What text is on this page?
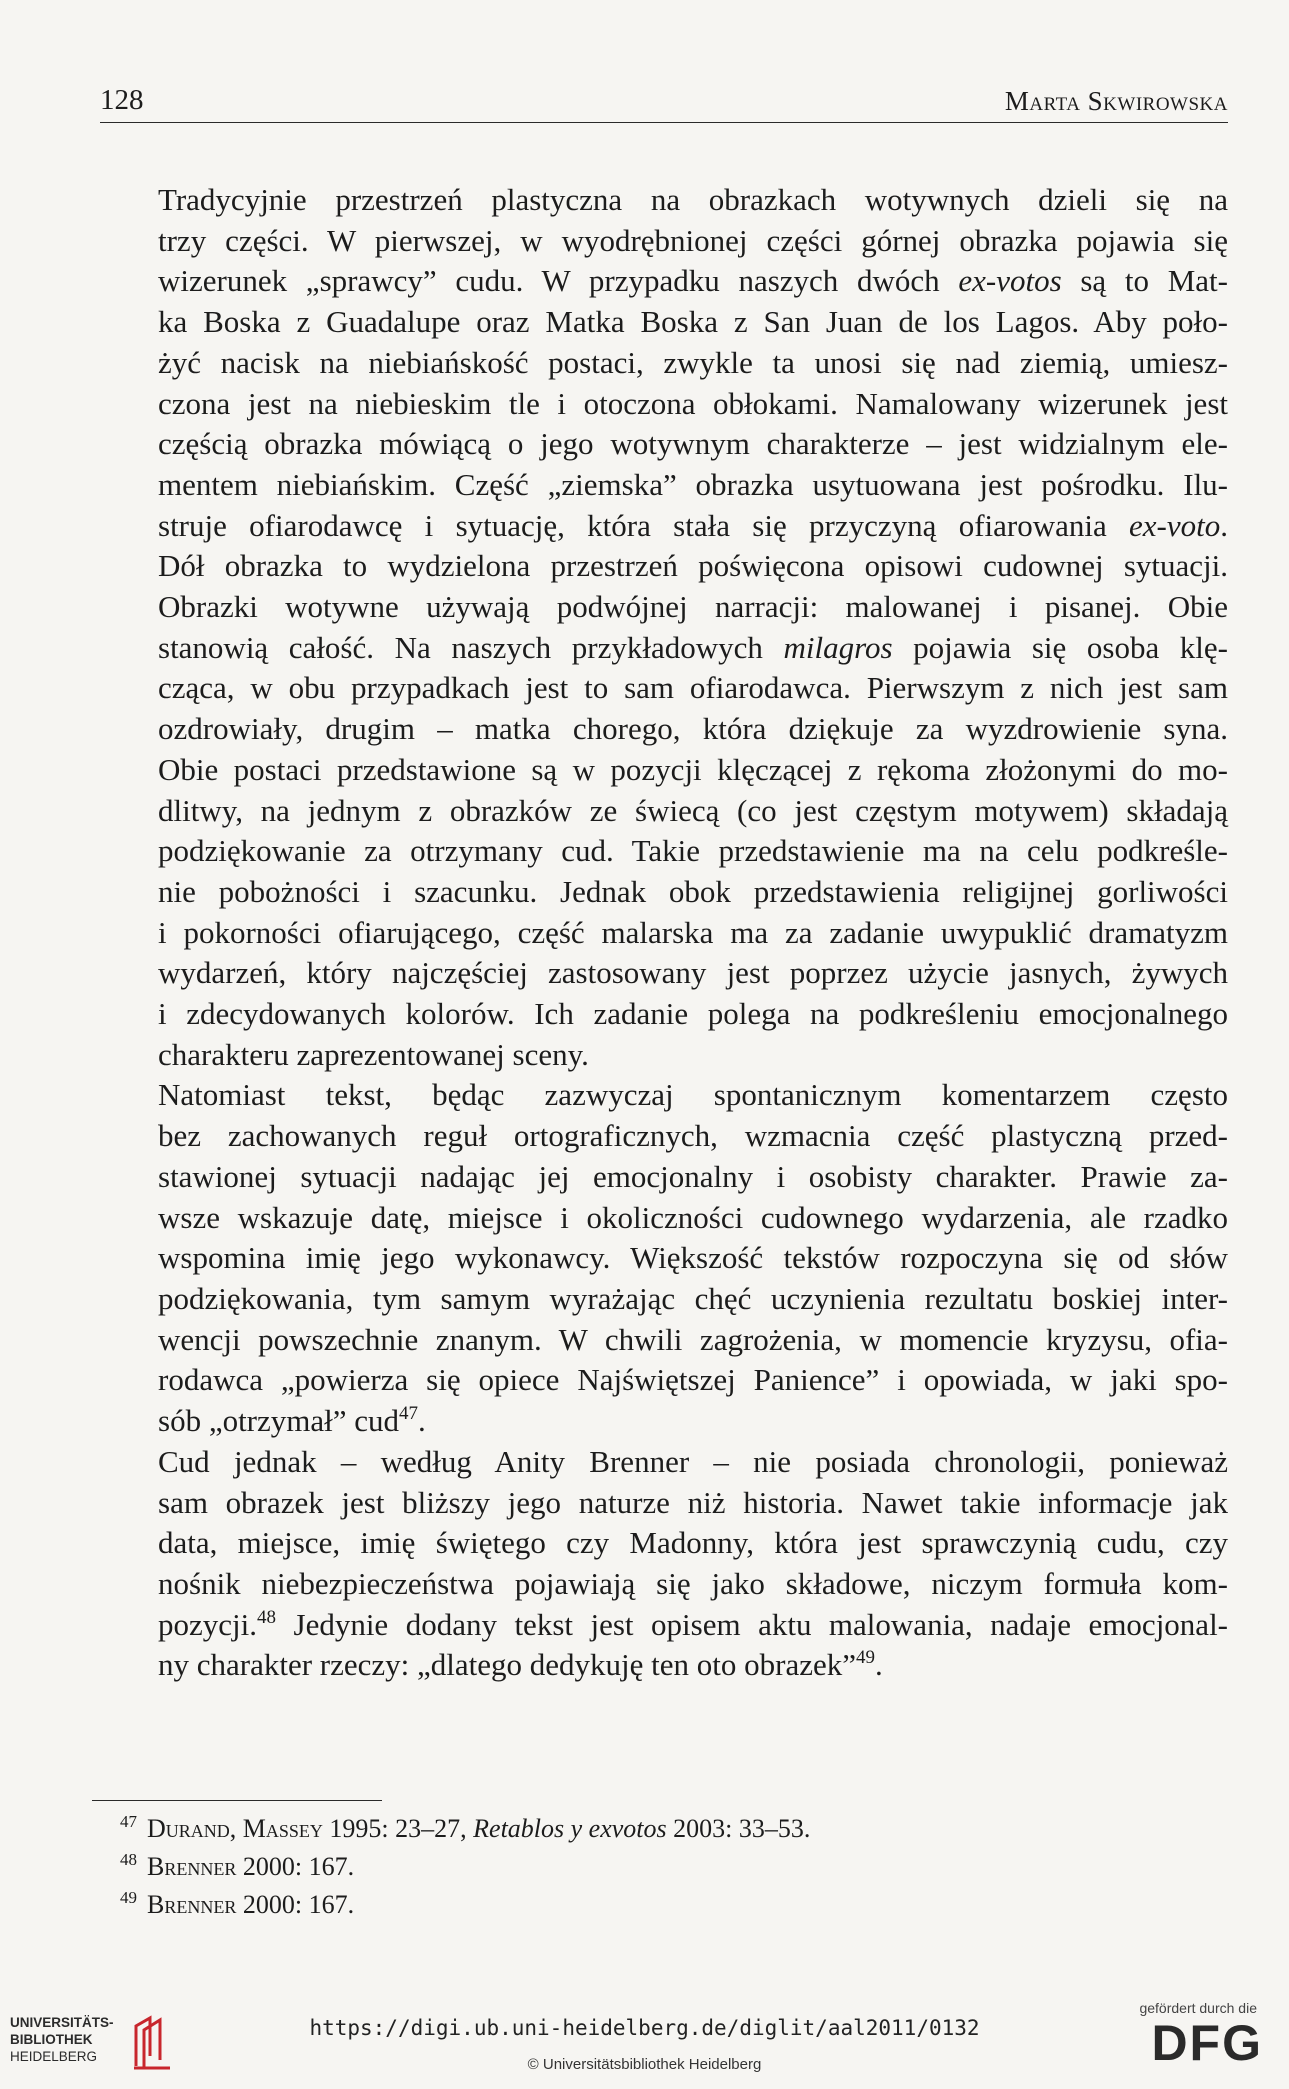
128	Marta Skwirowska

Tradycyjnie przestrzeń plastyczna na obrazkach wotywnych dzieli się na
trzy części. W pierwszej, w wyodrębnionej części górnej obrazka pojawia się
wizerunek „sprawcy” cudu. W przypadku naszych dwóch ex-votos są to Mat-
ka Boska z Guadalupe oraz Matka Boska z San Juan de los Lagos. Aby poło-
żyć nacisk na niebiańskość postaci, zwykle ta unosi się nad ziemią, umiesz-
czona jest na niebieskim tle i otoczona obłokami. Namalowany wizerunek jest
częścią obrazka mówiącą o jego wotywnym charakterze – jest widzialnym ele-
mentem niebiańskim. Część „ziemska” obrazka usytuowana jest pośrodku. Ilu-
struje ofiarodawcę i sytuację, która stała się przyczyną ofiarowania ex-voto.
Dół obrazka to wydzielona przestrzeń poświęcona opisowi cudownej sytuacji.

Obrazki wotywne używają podwójnej narracji: malowanej i pisanej. Obie
stanowią całość. Na naszych przykładowych milagros pojawia się osoba klę-
cząca, w obu przypadkach jest to sam ofiarodawca. Pierwszym z nich jest sam
ozdrowiały, drugim – matka chorego, która dziękuje za wyzdrowienie syna.
Obie postaci przedstawione są w pozycji klęczącej z rękoma złożonymi do mo-
dlitwy, na jednym z obrazków ze świecą (co jest częstym motywem) składają
podziękowanie za otrzymany cud. Takie przedstawienie ma na celu podkreśle-
nie pobożności i szacunku. Jednak obok przedstawienia religijnej gorliwości
i pokorności ofiarującego, część malarska ma za zadanie uwypuklić dramatyzm
wydarzeń, który najczęściej zastosowany jest poprzez użycie jasnych, żywych
i zdecydowanych kolorów. Ich zadanie polega na podkreśleniu emocjonalnego
charakteru zaprezentowanej sceny.

Natomiast tekst, będąc zazwyczaj spontanicznym komentarzem często
bez zachowanych reguł ortograficznych, wzmacnia część plastyczną przed-
stawionej sytuacji nadając jej emocjonalny i osobisty charakter. Prawie za-
wsze wskazuje datę, miejsce i okoliczności cudownego wydarzenia, ale rzadko
wspomina imię jego wykonawcy. Większość tekstów rozpoczyna się od słów
podziękowania, tym samym wyrażając chęć uczynienia rezultatu boskiej inter-
wencji powszechnie znanym. W chwili zagrożenia, w momencie kryzysu, ofia-
rodawca „powierza się opiece Najświętszej Panience” i opowiada, w jaki spo-
sób „otrzymał” cud$^{47}$.

Cud jednak – według Anity Brenner – nie posiada chronologii, ponieważ
sam obrazek jest bliższy jego naturze niż historia. Nawet takie informacje jak
data, miejsce, imię świętego czy Madonny, która jest sprawczynią cudu, czy
nośnik niebezpieczeństwa pojawiają się jako składowe, niczym formuła kom-
pozycji.$^{48}$ Jedynie dodany tekst jest opisem aktu malowania, nadaje emocjonal-
ny charakter rzeczy: „dlatego dedykuję ten oto obrazek”$^{49}$.

$^{47}$ Durand, Massey 1995: 23–27, Retablos y exvotos 2003: 33–53.
$^{48}$ Brenner 2000: 167.
$^{49}$ Brenner 2000: 167.
UNIVERSITÄTS-
BIBLIOTHEK
HEIDELBERG
https://digi.ub.uni-heidelberg.de/diglit/aal2011/0132
© Universitätsbibliothek Heidelberg
gefördert durch die
DFG
